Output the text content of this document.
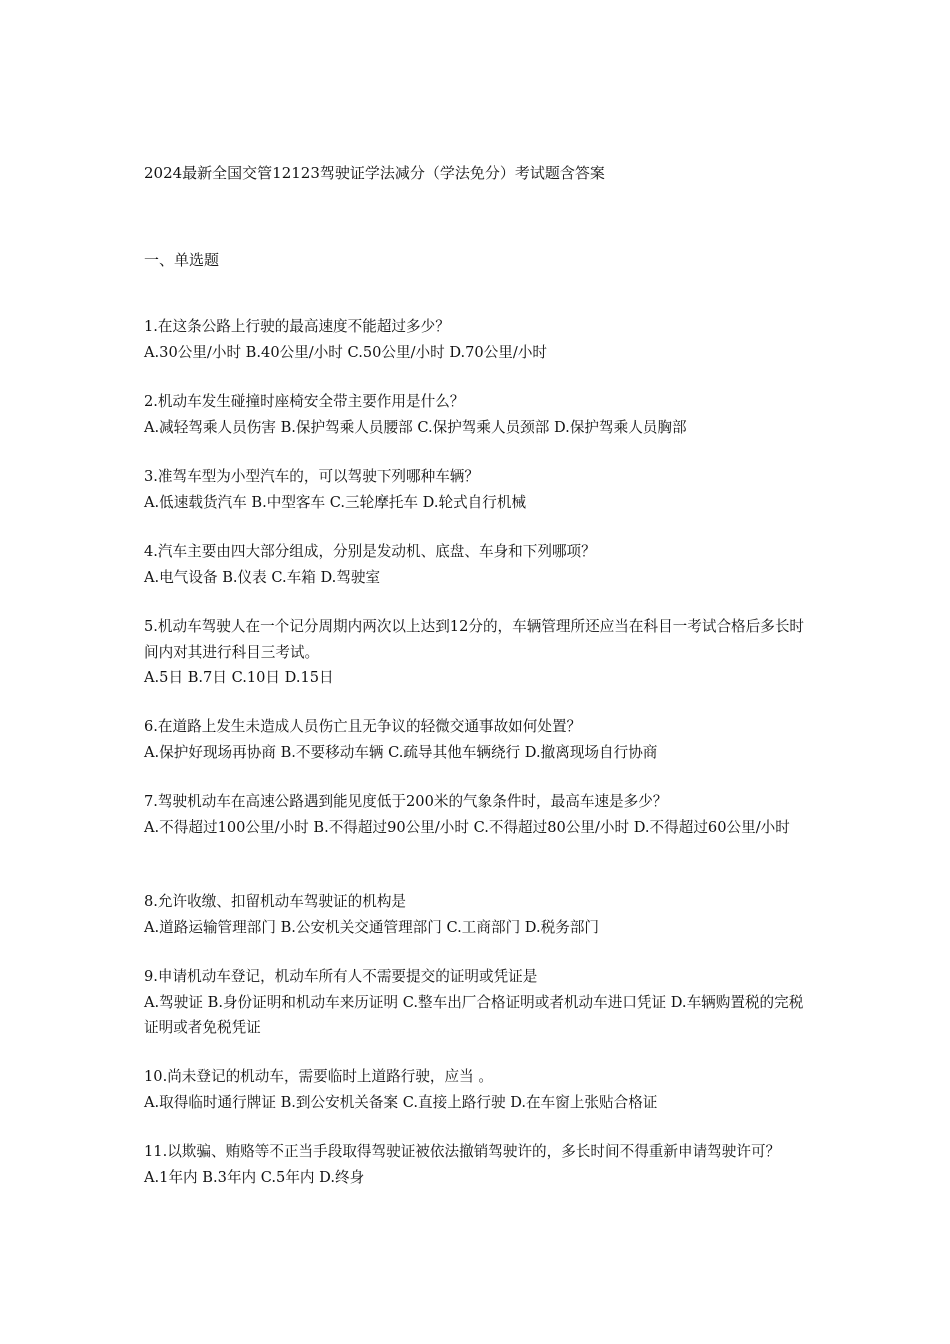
2024最新全国交管12123驾驶证学法减分（学法免分）考试题含答案
一、单选题
1.在这条公路上行驶的最高速度不能超过多少？
A.30公里/小时 B.40公里/小时 C.50公里/小时 D.70公里/小时
2.机动车发生碰撞时座椅安全带主要作用是什么？
A.减轻驾乘人员伤害 B.保护驾乘人员腰部 C.保护驾乘人员颈部 D.保护驾乘人员胸部
3.准驾车型为小型汽车的，可以驾驶下列哪种车辆？
A.低速载货汽车 B.中型客车 C.三轮摩托车 D.轮式自行机械
4.汽车主要由四大部分组成，分别是发动机、底盘、车身和下列哪项？
A.电气设备 B.仪表 C.车箱 D.驾驶室
5.机动车驾驶人在一个记分周期内两次以上达到12分的，车辆管理所还应当在科目一考试合格后多长时间内对其进行科目三考试。
A.5日 B.7日 C.10日 D.15日
6.在道路上发生未造成人员伤亡且无争议的轻微交通事故如何处置？
A.保护好现场再协商 B.不要移动车辆 C.疏导其他车辆绕行 D.撤离现场自行协商
7.驾驶机动车在高速公路遇到能见度低于200米的气象条件时，最高车速是多少？
A.不得超过100公里/小时 B.不得超过90公里/小时 C.不得超过80公里/小时 D.不得超过60公里/小时
8.允许收缴、扣留机动车驾驶证的机构是
A.道路运输管理部门 B.公安机关交通管理部门 C.工商部门 D.税务部门
9.申请机动车登记，机动车所有人不需要提交的证明或凭证是
A.驾驶证 B.身份证明和机动车来历证明 C.整车出厂合格证明或者机动车进口凭证 D.车辆购置税的完税证明或者免税凭证
10.尚未登记的机动车，需要临时上道路行驶，应当 。
A.取得临时通行牌证 B.到公安机关备案 C.直接上路行驶 D.在车窗上张贴合格证
11.以欺骗、贿赂等不正当手段取得驾驶证被依法撤销驾驶许的，多长时间不得重新申请驾驶许可？
A.1年内 B.3年内 C.5年内 D.终身
